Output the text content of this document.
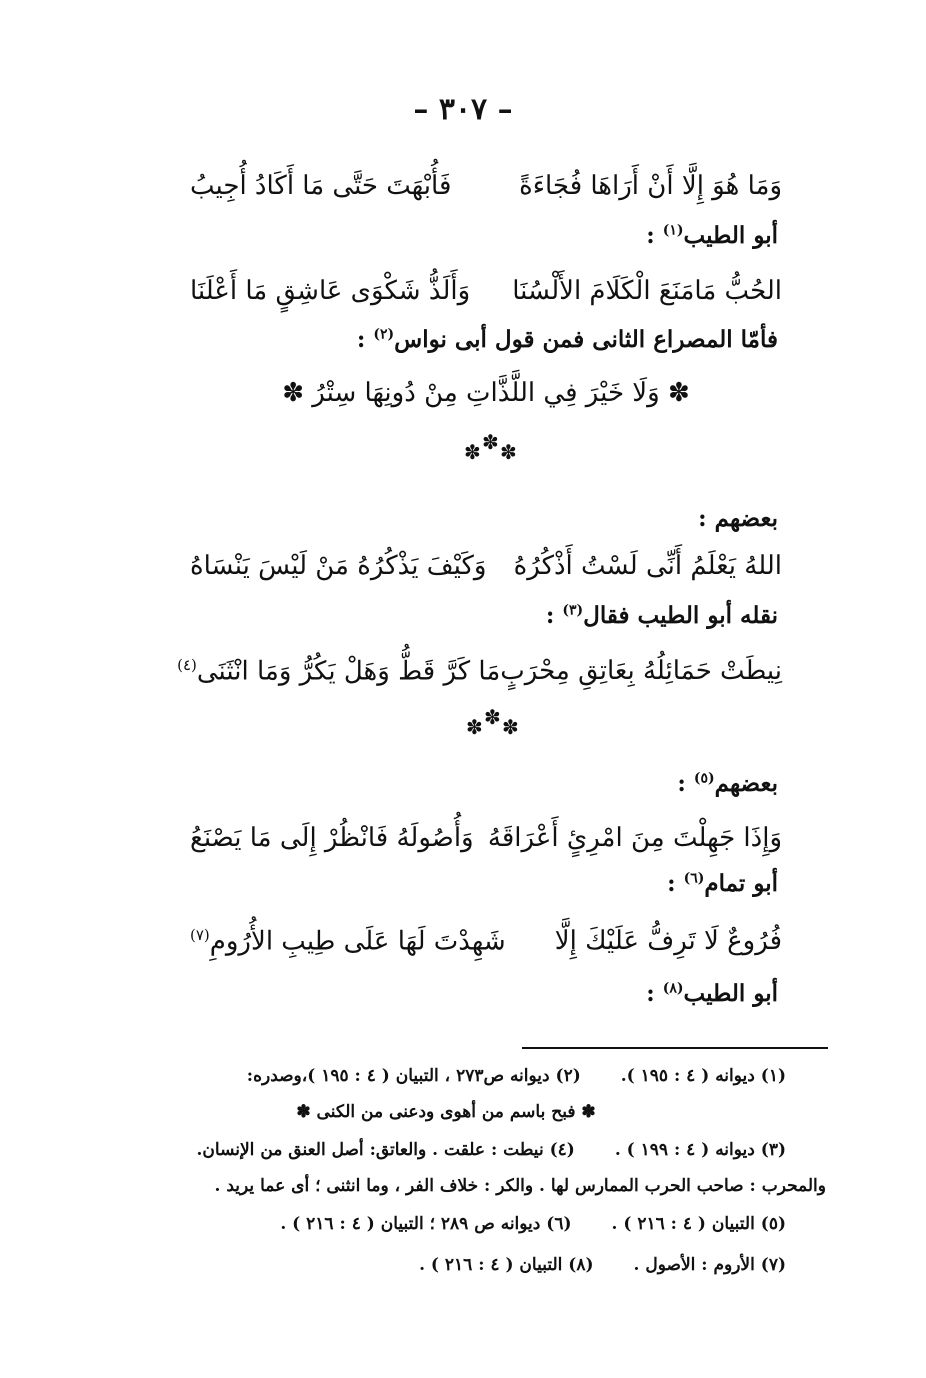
– ٣٠٧ –
وَمَا هُوَ إِلَّا أَنْ أَرَاهَا فُجَاءَةً
فَأُبْهَتَ حَتَّى مَا أَكَادُ أُجِيبُ
أبو الطيب$^{(١)}$ :
الحُبُّ مَامَنَعَ الْكَلَامَ الأَلْسُنَا
وَأَلَذُّ شَكْوَى عَاشِقٍ مَا أَعْلَنَا
فأمّا المصراع الثانى فمن قول أبى نواس$^{(٢)}$ :
✽ وَلَا خَيْرَ فِي اللَّذَّاتِ مِنْ دُونِهَا سِتْرُ ✽
✽
✽ ✽
بعضهم :
اللهُ يَعْلَمُ أَنِّى لَسْتُ أَذْكُرُهُ
وَكَيْفَ يَذْكُرُهُ مَنْ لَيْسَ يَنْسَاهُ
نقله أبو الطيب فقال$^{(٣)}$ :
نِيطَتْ حَمَائِلُهُ بِعَاتِقِ مِحْرَبٍ
مَا كَرَّ قَطُّ وَهَلْ يَكُرُّ وَمَا انْثَنَى$^{(٤)}$
✽
✽ ✽
بعضهم$^{(٥)}$ :
وَإِذَا جَهِلْتَ مِنَ امْرِئٍ أَعْرَاقَهُ
وَأُصُولَهُ فَانْظُرْ إِلَى مَا يَصْنَعُ
أبو تمام$^{(٦)}$ :
فُرُوعٌ لَا تَرِفُّ عَلَيْكَ إِلَّا
شَهِدْتَ لَهَا عَلَى طِيبِ الأُرُومِ$^{(٧)}$
أبو الطيب$^{(٨)}$ :
(١) ديوانه ( ٤ : ١٩٥ ).
(٢) ديوانه ص٢٧٣ ، التبيان ( ٤ : ١٩٥ )،وصدره:
✽ فبح باسم من أهوى ودعنى من الكنى ✽
(٣) ديوانه ( ٤ : ١٩٩ ) .
(٤) نيطت : علقت . والعاتق: أصل العنق من الإنسان.
والمحرب : صاحب الحرب الممارس لها . والكر : خلاف الفر ، وما انثنى ؛ أى عما يريد .
(٥) التبيان ( ٤ : ٢١٦ ) .
(٦) ديوانه ص ٢٨٩ ؛ التبيان ( ٤ : ٢١٦ ) .
(٧) الأروم : الأصول .
(٨) التبيان ( ٤ : ٢١٦ ) .
